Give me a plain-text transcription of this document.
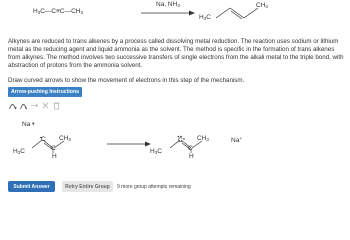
$H_3C—C\equiv C—CH_3$
Na, $NH_3$
$H_3C$
$CH_3$
Alkynes are reduced to trans alkenes by a process called dissolving metal reduction. The reaction uses sodium or lithium metal as the reducing agent and liquid ammonia as the solvent. The method is specific in the formation of trans alkenes from alkynes. The method involves two successive transfers of single electrons from the alkali metal to the triple bond, with abstraction of protons from the ammonia solvent.
Draw curved arrows to show the movement of electrons in this step of the mechanism.
Arrow-pushing Instructions
Na •
$H_3C$
C
C
H
$CH_3$
$H_3C$
C
C
H
$CH_3$	Na+
Submit Answer	Retry Entire Group	9 more group attempts remaining
